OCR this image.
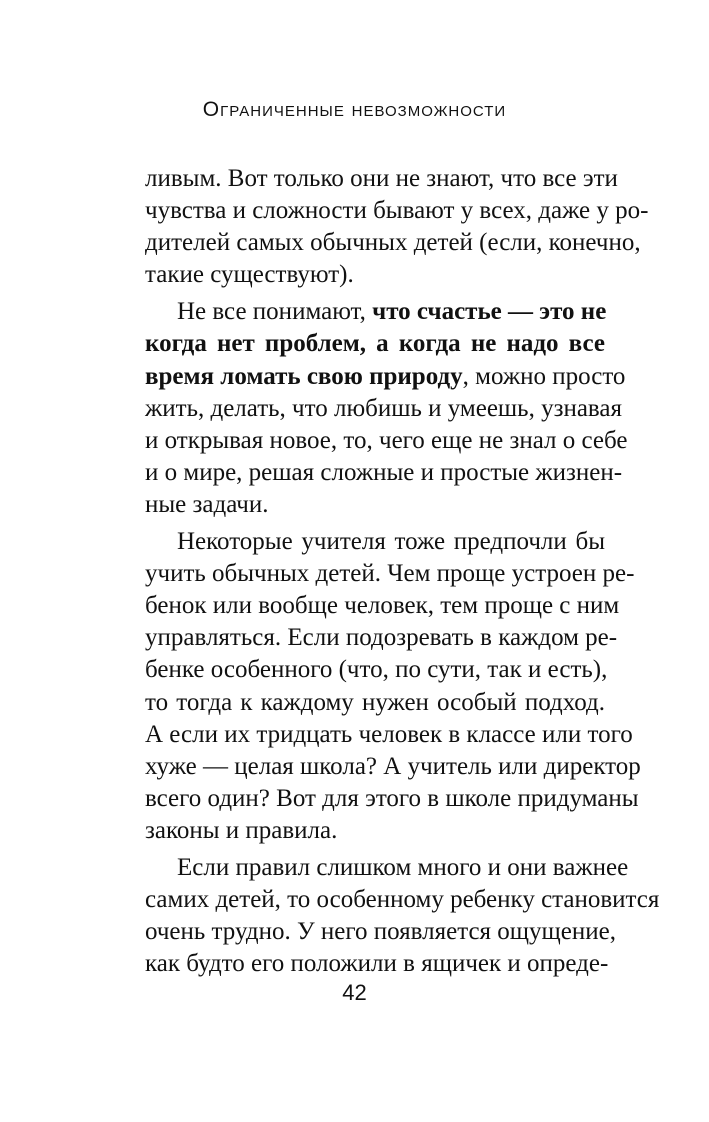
Ограниченные невозможности
ливым. Вот только они не знают, что все эти
чувства и сложности бывают у всех, даже у ро-
дителей самых обычных детей (если, конечно,
такие существуют).
Не все понимают, что счастье — это не
когда нет проблем, а когда не надо все
время ломать свою природу, можно просто
жить, делать, что любишь и умеешь, узнавая
и открывая новое, то, чего еще не знал о себе
и о мире, решая сложные и простые жизнен-
ные задачи.
Некоторые учителя тоже предпочли бы
учить обычных детей. Чем проще устроен ре-
бенок или вообще человек, тем проще с ним
управляться. Если подозревать в каждом ре-
бенке особенного (что, по сути, так и есть),
то тогда к каждому нужен особый подход.
А если их тридцать человек в классе или того
хуже — целая школа? А учитель или директор
всего один? Вот для этого в школе придуманы
законы и правила.
Если правил слишком много и они важнее
самих детей, то особенному ребенку становится
очень трудно. У него появляется ощущение,
как будто его положили в ящичек и опреде-
42
